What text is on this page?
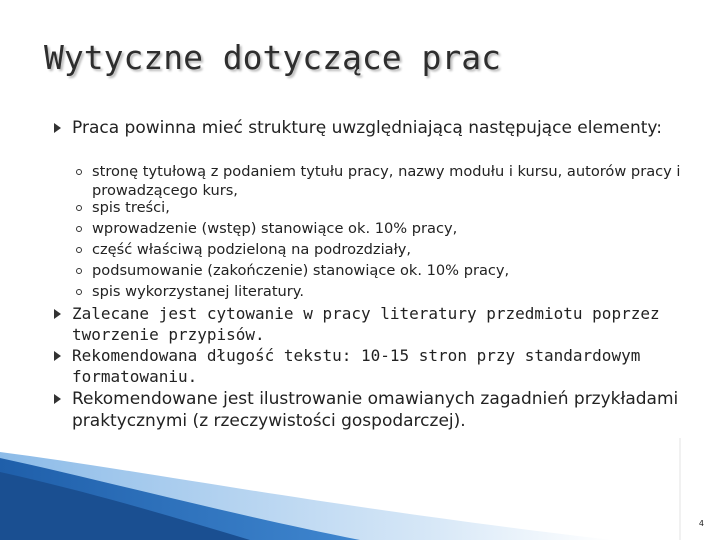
Wytyczne dotyczące prac
Praca powinna mieć strukturę uwzględniającą następujące elementy:
stronę tytułową z podaniem tytułu pracy, nazwy modułu i kursu, autorów pracy i prowadzącego kurs,
spis treści,
wprowadzenie (wstęp) stanowiące ok. 10% pracy,
część właściwą podzieloną na podrozdziały,
podsumowanie (zakończenie) stanowiące ok. 10% pracy,
spis wykorzystanej literatury.
Zalecane jest cytowanie w pracy literatury przedmiotu poprzez tworzenie przypisów.
Rekomendowana długość tekstu: 10-15 stron przy standardowym formatowaniu.
Rekomendowane jest ilustrowanie omawianych zagadnień przykładami praktycznymi (z rzeczywistości gospodarczej).
4
